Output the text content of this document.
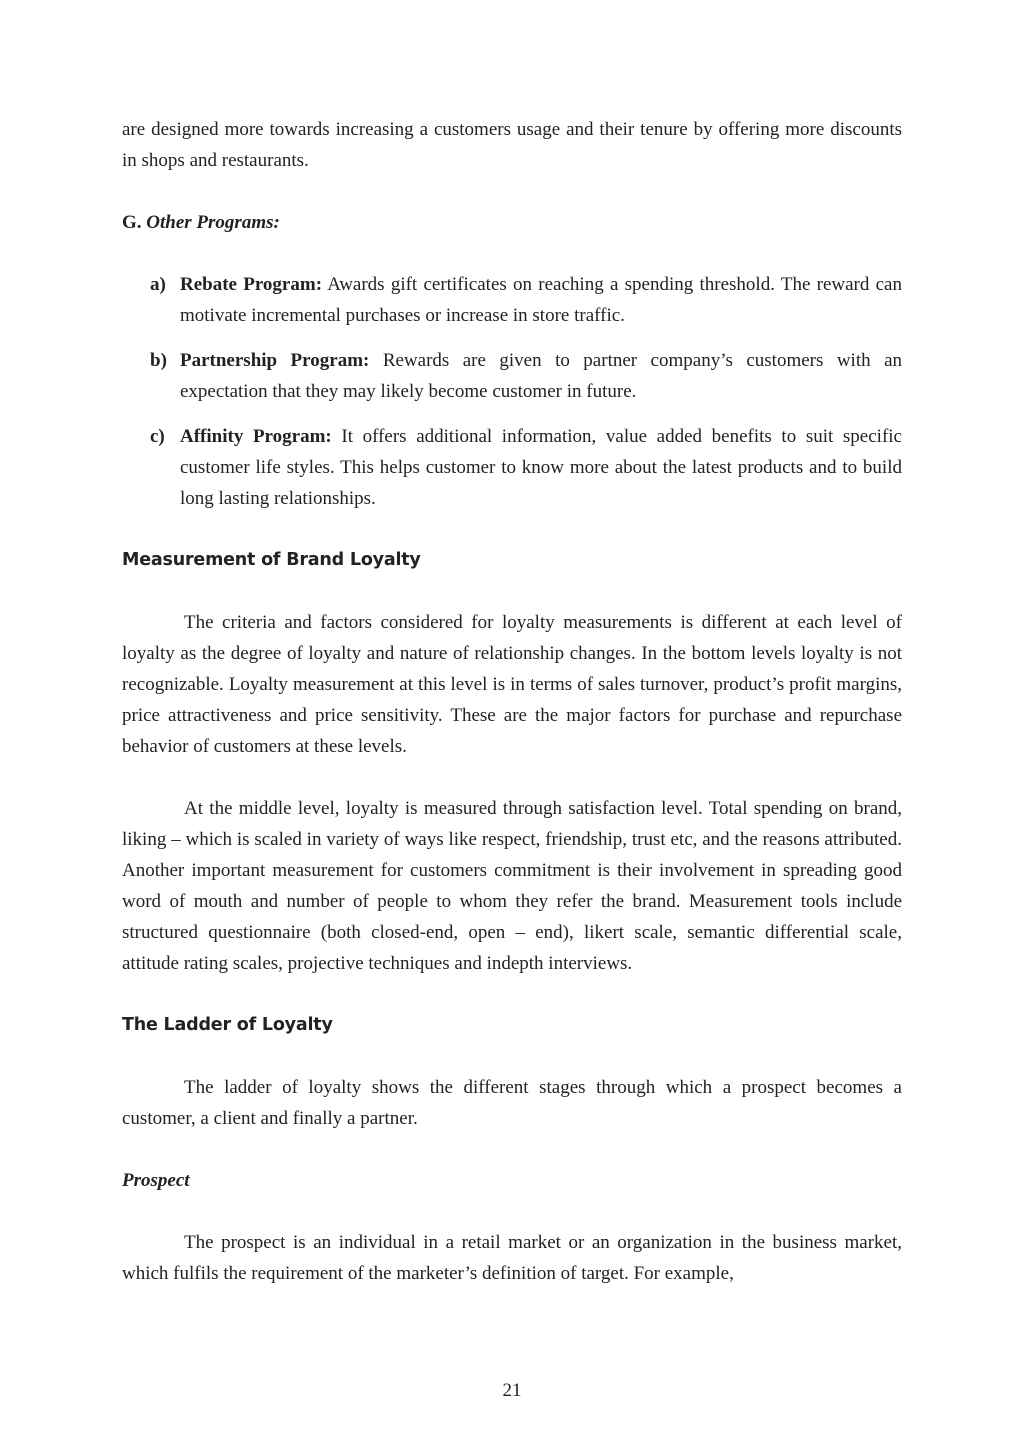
are designed more towards increasing a customers usage and their tenure by offering more discounts in shops and restaurants.

G. Other Programs:
a) Rebate Program: Awards gift certificates on reaching a spending threshold. The reward can motivate incremental purchases or increase in store traffic.
b) Partnership Program: Rewards are given to partner company’s customers with an expectation that they may likely become customer in future.
c) Affinity Program: It offers additional information, value added benefits to suit specific customer life styles. This helps customer to know more about the latest products and to build long lasting relationships.
Measurement of Brand Loyalty

The criteria and factors considered for loyalty measurements is different at each level of loyalty as the degree of loyalty and nature of relationship changes. In the bottom levels loyalty is not recognizable. Loyalty measurement at this level is in terms of sales turnover, product’s profit margins, price attractiveness and price sensitivity. These are the major factors for purchase and repurchase behavior of customers at these levels.

At the middle level, loyalty is measured through satisfaction level. Total spending on brand, liking – which is scaled in variety of ways like respect, friendship, trust etc, and the reasons attributed. Another important measurement for customers commitment is their involvement in spreading good word of mouth and number of people to whom they refer the brand. Measurement tools include structured questionnaire (both closed-end, open – end), likert scale, semantic differential scale, attitude rating scales, projective techniques and indepth interviews.

The Ladder of Loyalty

The ladder of loyalty shows the different stages through which a prospect becomes a customer, a client and finally a partner.

Prospect

The prospect is an individual in a retail market or an organization in the business market, which fulfils the requirement of the marketer’s definition of target. For example,

21
